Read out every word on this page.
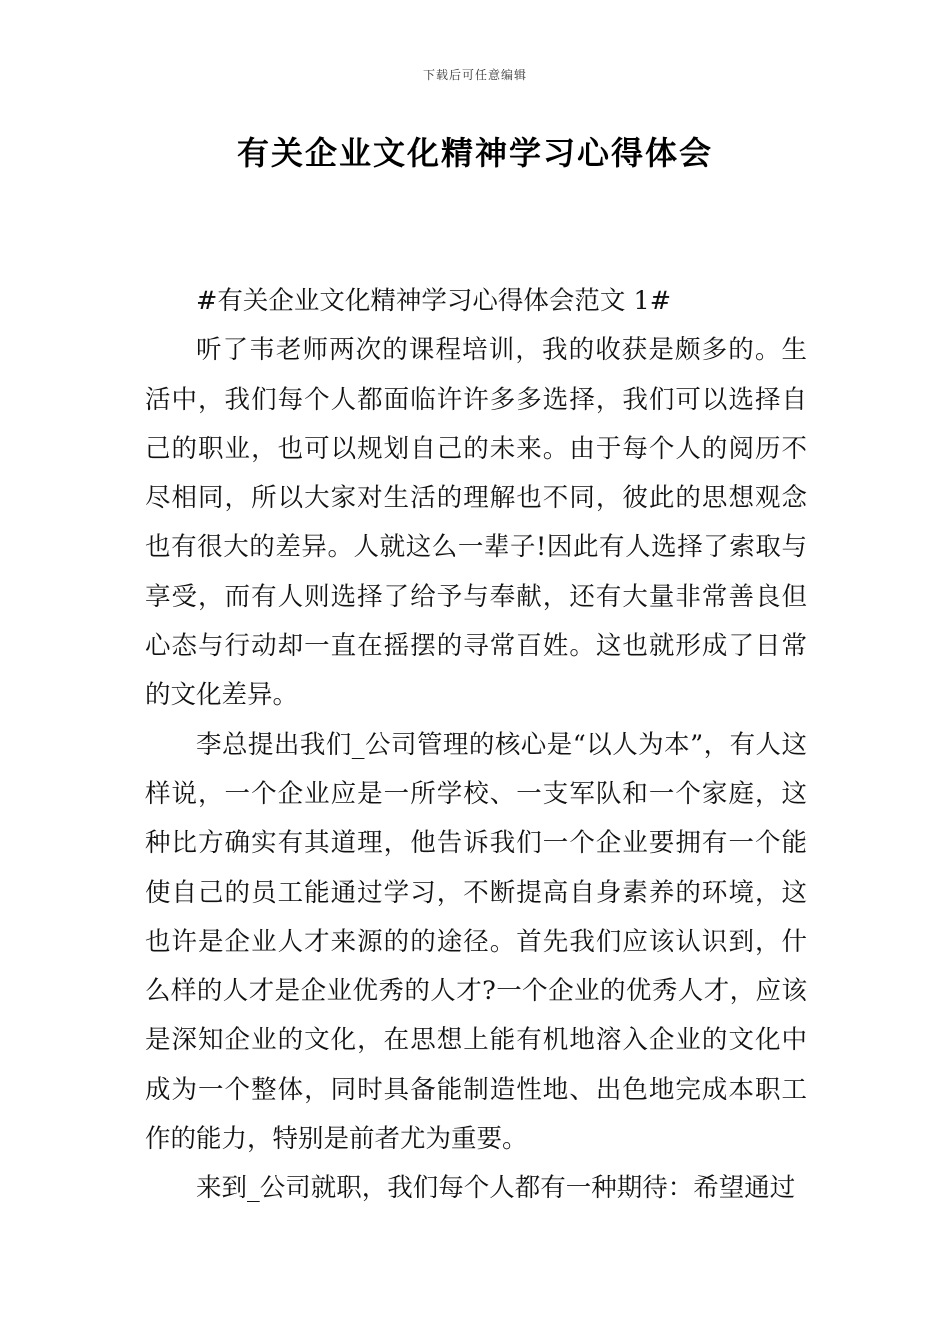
下载后可任意编辑
有关企业文化精神学习心得体会

#有关企业文化精神学习心得体会范文 1#

听了韦老师两次的课程培训，我的收获是颇多的。生活中，我们每个人都面临许许多多选择，我们可以选择自己的职业，也可以规划自己的未来。由于每个人的阅历不尽相同，所以大家对生活的理解也不同，彼此的思想观念也有很大的差异。人就这么一辈子!因此有人选择了索取与享受，而有人则选择了给予与奉献，还有大量非常善良但心态与行动却一直在摇摆的寻常百姓。这也就形成了日常的文化差异。

李总提出我们_公司管理的核心是“以人为本”，有人这样说，一个企业应是一所学校、一支军队和一个家庭，这种比方确实有其道理，他告诉我们一个企业要拥有一个能使自己的员工能通过学习，不断提高自身素养的环境，这也许是企业人才来源的的途径。首先我们应该认识到，什么样的人才是企业优秀的人才?一个企业的优秀人才，应该是深知企业的文化，在思想上能有机地溶入企业的文化中成为一个整体，同时具备能制造性地、出色地完成本职工作的能力，特别是前者尤为重要。

来到_公司就职，我们每个人都有一种期待：希望通过
